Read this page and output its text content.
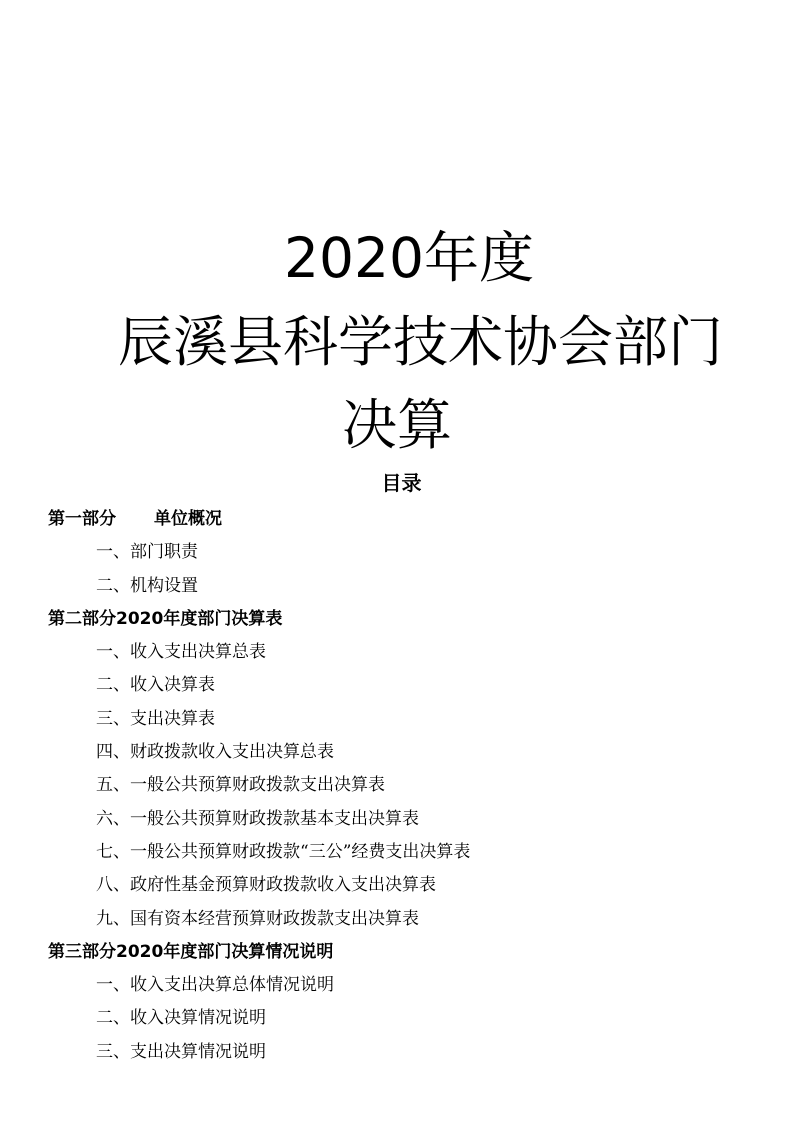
2020年度
辰溪县科学技术协会部门
决算
目录
第一部分 单位概况
一、部门职责
二、机构设置
第二部分2020年度部门决算表
一、收入支出决算总表
二、收入决算表
三、支出决算表
四、财政拨款收入支出决算总表
五、一般公共预算财政拨款支出决算表
六、一般公共预算财政拨款基本支出决算表
七、一般公共预算财政拨款“三公”经费支出决算表
八、政府性基金预算财政拨款收入支出决算表
九、国有资本经营预算财政拨款支出决算表
第三部分2020年度部门决算情况说明
一、收入支出决算总体情况说明
二、收入决算情况说明
三、支出决算情况说明
